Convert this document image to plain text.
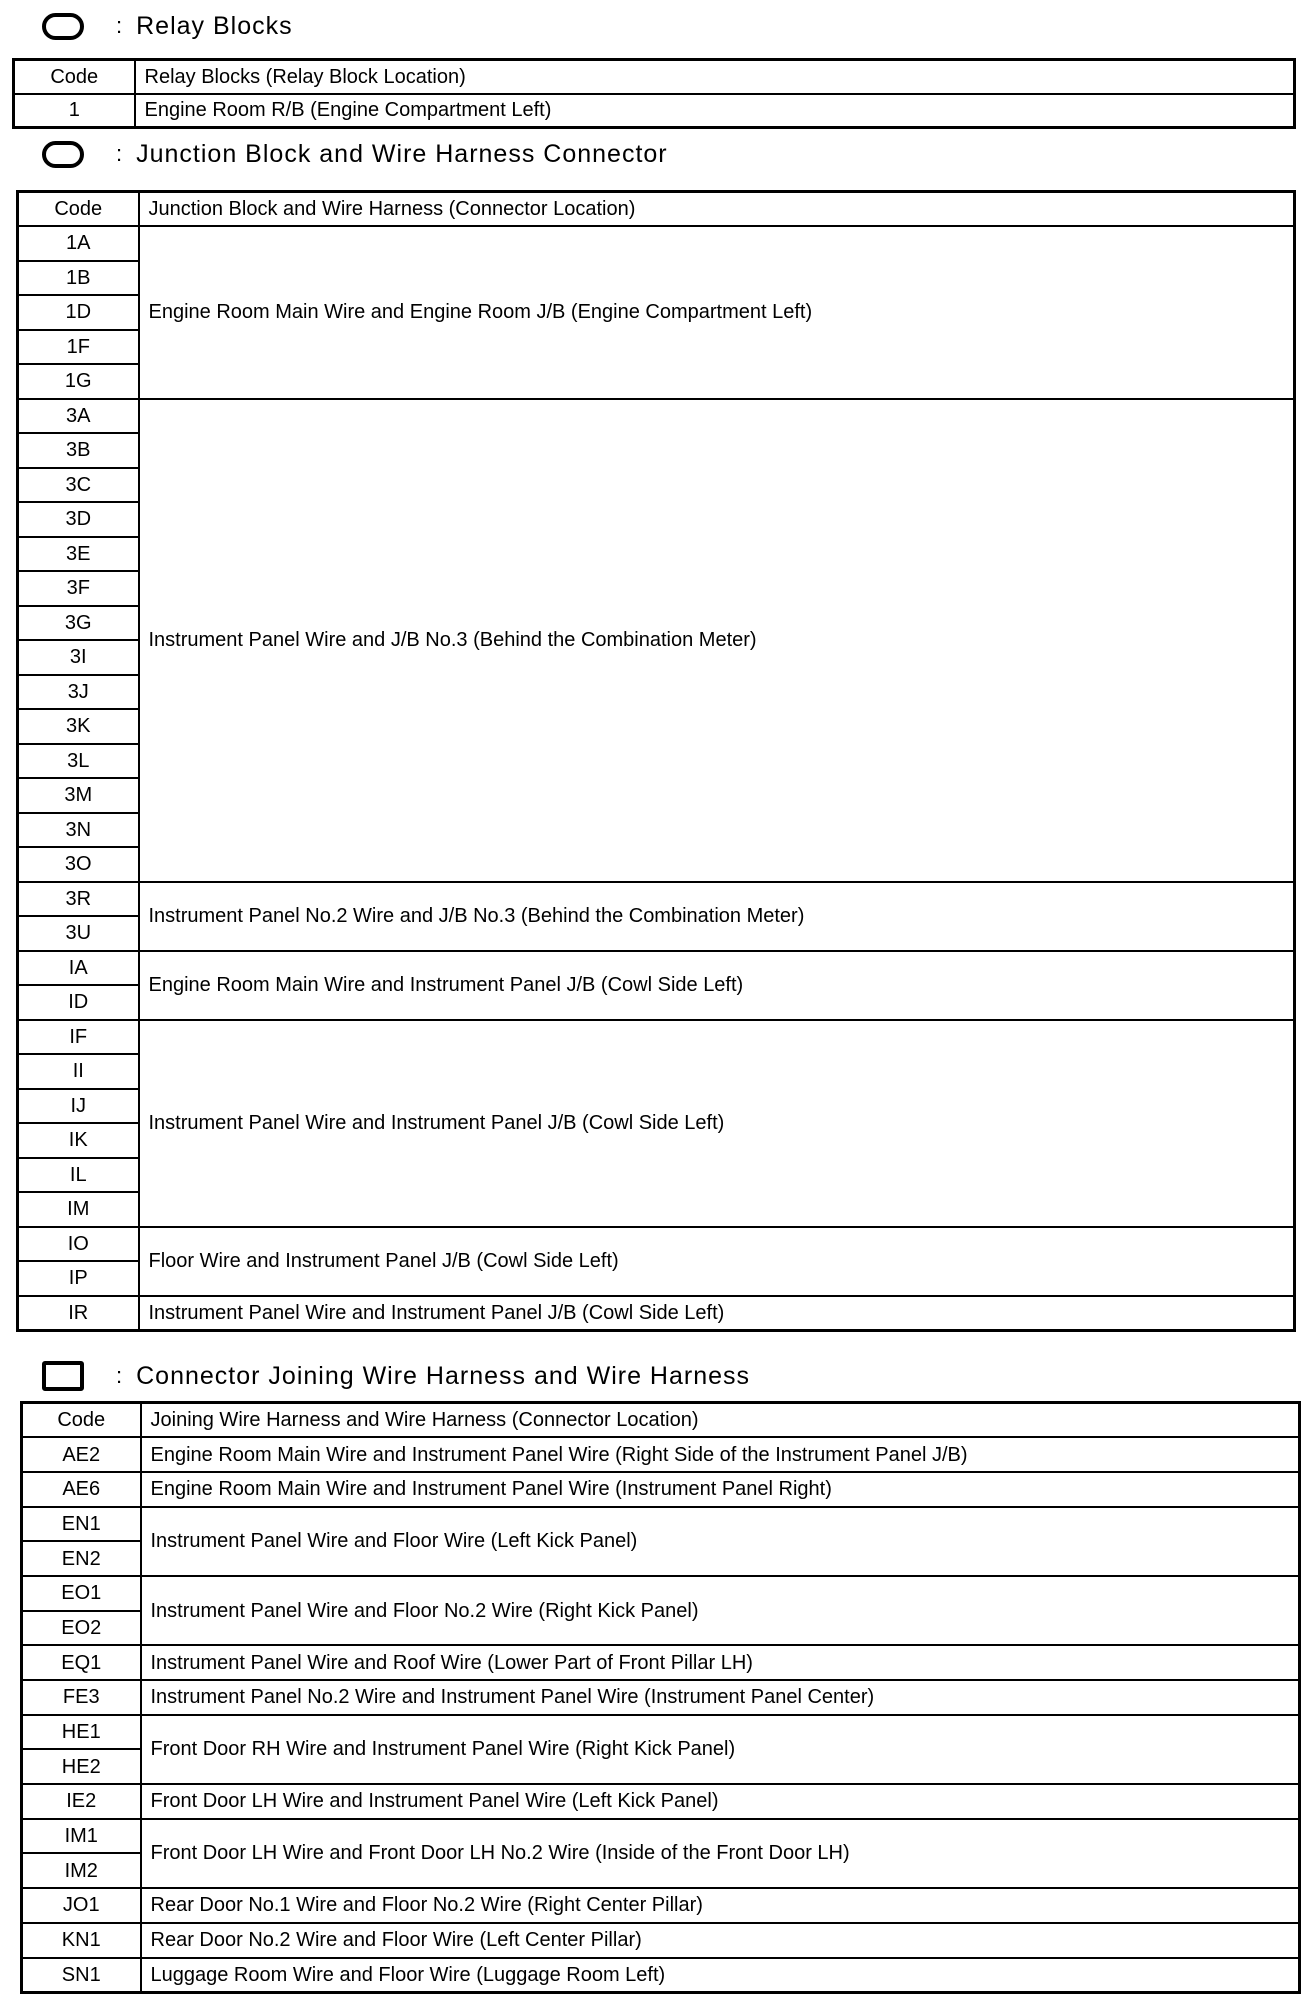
: Relay Blocks
Code	Relay Blocks (Relay Block Location)
1	Engine Room R/B (Engine Compartment Left)
: Junction Block and Wire Harness Connector
Code	Junction Block and Wire Harness (Connector Location)
1A	Engine Room Main Wire and Engine Room J/B (Engine Compartment Left)
1B	
1D	
1F	
1G	
3A	Instrument Panel Wire and J/B No.3 (Behind the Combination Meter)
3B	
3C	
3D	
3E	
3F	
3G	
3I	
3J	
3K	
3L	
3M	
3N	
3O	
3R	Instrument Panel No.2 Wire and J/B No.3 (Behind the Combination Meter)
3U	
IA	Engine Room Main Wire and Instrument Panel J/B (Cowl Side Left)
ID	
IF	Instrument Panel Wire and Instrument Panel J/B (Cowl Side Left)
II	
IJ	
IK	
IL	
IM	
IO	Floor Wire and Instrument Panel J/B (Cowl Side Left)
IP	
IR	Instrument Panel Wire and Instrument Panel J/B (Cowl Side Left)
: Connector Joining Wire Harness and Wire Harness
Code	Joining Wire Harness and Wire Harness (Connector Location)
AE2	Engine Room Main Wire and Instrument Panel Wire (Right Side of the Instrument Panel J/B)
AE6	Engine Room Main Wire and Instrument Panel Wire (Instrument Panel Right)
EN1	Instrument Panel Wire and Floor Wire (Left Kick Panel)
EN2	
EO1	Instrument Panel Wire and Floor No.2 Wire (Right Kick Panel)
EO2	
EQ1	Instrument Panel Wire and Roof Wire (Lower Part of Front Pillar LH)
FE3	Instrument Panel No.2 Wire and Instrument Panel Wire (Instrument Panel Center)
HE1	Front Door RH Wire and Instrument Panel Wire (Right Kick Panel)
HE2	
IE2	Front Door LH Wire and Instrument Panel Wire (Left Kick Panel)
IM1	Front Door LH Wire and Front Door LH No.2 Wire (Inside of the Front Door LH)
IM2	
JO1	Rear Door No.1 Wire and Floor No.2 Wire (Right Center Pillar)
KN1	Rear Door No.2 Wire and Floor Wire (Left Center Pillar)
SN1	Luggage Room Wire and Floor Wire (Luggage Room Left)
